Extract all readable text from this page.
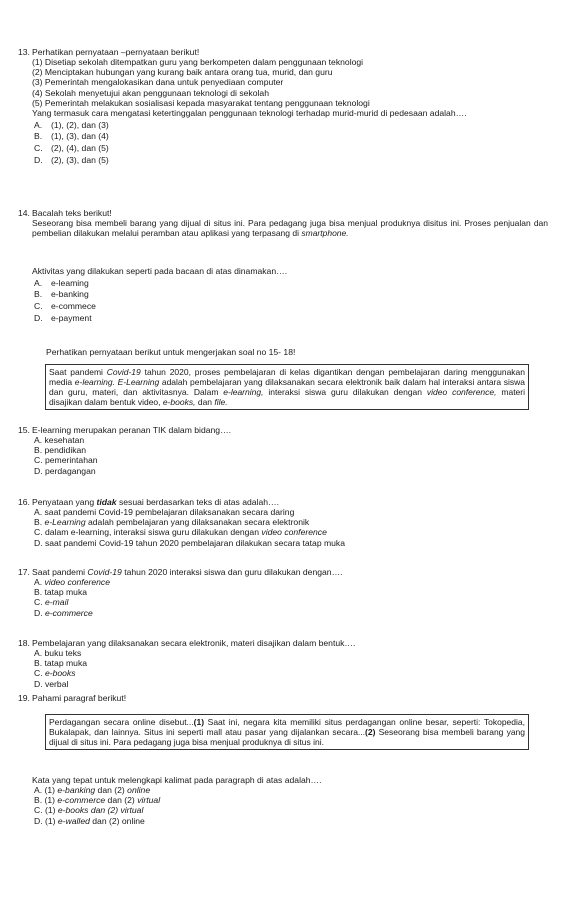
13. Perhatikan pernyataan –pernyataan berikut!
(1) Disetiap sekolah ditempatkan guru yang berkompeten dalam penggunaan teknologi
(2) Menciptakan hubungan yang kurang baik antara orang tua, murid, dan guru
(3) Pemerintah mengalokasikan dana untuk penyediaan computer
(4) Sekolah menyetujui akan penggunaan teknologi di sekolah
(5) Pemerintah melakukan sosialisasi kepada masyarakat tentang penggunaan teknologi
Yang termasuk cara mengatasi ketertinggalan penggunaan teknologi terhadap murid-murid di pedesaan adalah….
A.	(1), (2), dan (3)
B.	(1), (3), dan (4)
C. (2), (4), dan (5)
D. (2), (3), dan (5)
14. Bacalah teks berikut!
Seseorang bisa membeli barang yang dijual di situs ini. Para pedagang juga bisa menjual produknya disitus ini. Proses penjualan dan pembelian dilakukan melalui peramban atau aplikasi yang terpasang di smartphone.
Aktivitas yang dilakukan seperti pada bacaan di atas dinamakan….
A.	e-leaming
B.	e-banking
C. e-commece
D. e-payment
Perhatikan pernyataan berikut untuk mengerjakan soal no 15- 18!
Saat pandemi Covid-19 tahun 2020, proses pembelajaran di kelas digantikan dengan pembelajaran daring menggunakan media e-learning. E-Learning adalah pembelajaran yang dilaksanakan secara elektronik baik dalam hal interaksi antara siswa dan guru, materi, dan aktivitasnya. Dalam e-learning, interaksi siswa guru dilakukan dengan video conference, materi disajikan dalam bentuk video, e-books, dan file.
15. E-learning merupakan peranan TIK dalam bidang….
A. kesehatan
B. pendidikan
C. pemerintahan
D. perdagangan
16. Penyataan yang tidak sesuai berdasarkan teks di atas adalah….
A. saat pandemi Covid-19 pembelajaran dilaksanakan secara daring
B. e-Learning adalah pembelajaran yang dilaksanakan secara elektronik
C. dalam e-learning, interaksi siswa guru dilakukan dengan video conference
D. saat pandemi Covid-19 tahun 2020 pembelajaran dilakukan secara tatap muka
17. Saat pandemi Covid-19 tahun 2020 interaksi siswa dan guru dilakukan dengan….
A. video conference
B. tatap muka
C. e-mail
D. e-commerce
18. Pembelajaran yang dilaksanakan secara elektronik, materi disajikan dalam bentuk….
A. buku teks
B. tatap muka
C. e-books
D. verbal
19. Pahami paragraf berikut!
Perdagangan secara online disebut...(1) Saat ini, negara kita memiliki situs perdagangan online besar, seperti: Tokopedia, Bukalapak, dan lainnya. Situs ini seperti mall atau pasar yang dijalankan secara...(2) Seseorang bisa membeli barang yang dijual di situs ini. Para pedagang juga bisa menjual produknya di situs ini.
Kata yang tepat untuk melengkapi kalimat pada paragraph di atas adalah….
A. (1) e-banking dan (2) online
B. (1) e-commerce dan (2) virtual
C. (1) e-books dan (2) virtual
D. (1) e-walled dan (2) online
